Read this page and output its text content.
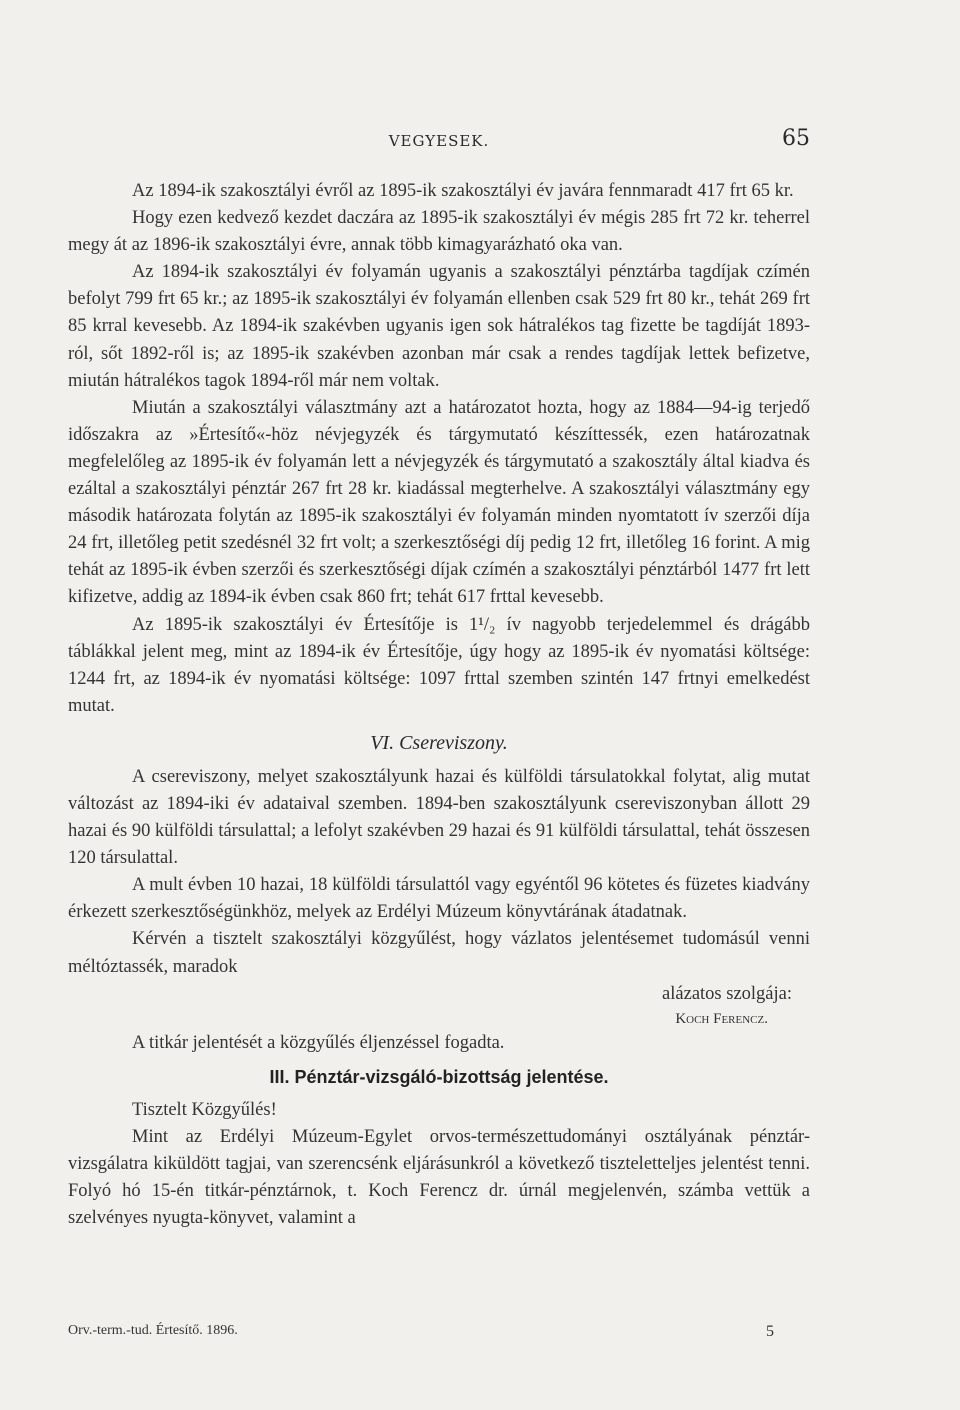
VEGYESEK.	65

Az 1894-ik szakosztályi évről az 1895-ik szakosztályi év javára fennmaradt 417 frt 65 kr.

Hogy ezen kedvező kezdet daczára az 1895-ik szakosztályi év mégis 285 frt 72 kr. teherrel megy át az 1896-ik szakosztályi évre, annak több kimagyarázható oka van.

Az 1894-ik szakosztályi év folyamán ugyanis a szakosztályi pénztárba tagdíjak czímén befolyt 799 frt 65 kr.; az 1895-ik szakosztályi év folyamán ellenben csak 529 frt 80 kr., tehát 269 frt 85 krral kevesebb. Az 1894-ik szakévben ugyanis igen sok hátralékos tag fizette be tagdíját 1893-ról, sőt 1892-ről is; az 1895-ik szakévben azonban már csak a rendes tagdíjak lettek befizetve, miután hátralékos tagok 1894-ről már nem voltak.

Miután a szakosztályi választmány azt a határozatot hozta, hogy az 1884—94-ig terjedő időszakra az »Értesítő«-höz névjegyzék és tárgymutató készíttessék, ezen határozatnak megfelelőleg az 1895-ik év folyamán lett a névjegyzék és tárgymutató a szakosztály által kiadva és ezáltal a szakosztályi pénztár 267 frt 28 kr. kiadással megterhelve. A szakosztályi választmány egy második határozata folytán az 1895-ik szakosztályi év folyamán minden nyomtatott ív szerzői díja 24 frt, illetőleg petit szedésnél 32 frt volt; a szerkesztőségi díj pedig 12 frt, illetőleg 16 forint. A mig tehát az 1895-ik évben szerzői és szerkesztőségi díjak czímén a szakosztályi pénztárból 1477 frt lett kifizetve, addig az 1894-ik évben csak 860 frt; tehát 617 frttal kevesebb.

Az 1895-ik szakosztályi év Értesítője is 1¹/₂ ív nagyobb terjedelemmel és drágább táblákkal jelent meg, mint az 1894-ik év Értesítője, úgy hogy az 1895-ik év nyomatási költsége: 1244 frt, az 1894-ik év nyomatási költsége: 1097 frttal szemben szintén 147 frtnyi emelkedést mutat.

VI. Csereviszony.

A csereviszony, melyet szakosztályunk hazai és külföldi társulatokkal folytat, alig mutat változást az 1894-iki év adataival szemben. 1894-ben szakosztályunk csereviszonyban állott 29 hazai és 90 külföldi társulattal; a lefolyt szakévben 29 hazai és 91 külföldi társulattal, tehát összesen 120 társulattal.

A mult évben 10 hazai, 18 külföldi társulattól vagy egyéntől 96 kötetes és füzetes kiadvány érkezett szerkesztőségünkhöz, melyek az Erdélyi Múzeum könyvtárának átadatnak.

Kérvén a tisztelt szakosztályi közgyűlést, hogy vázlatos jelentésemet tudomásúl venni méltóztassék, maradok

alázatos szolgája:
Koch Ferencz.

A titkár jelentését a közgyűlés éljenzéssel fogadta.

III. Pénztár-vizsgáló-bizottság jelentése.

Tisztelt Közgyűlés!

Mint az Erdélyi Múzeum-Egylet orvos-természettudományi osztályának pénztár-vizsgálatra kiküldött tagjai, van szerencsénk eljárásunkról a következő tiszteletteljes jelentést tenni. Folyó hó 15-én titkár-pénztárnok, t. Koch Ferencz dr. úrnál megjelenvén, számba vettük a szelvényes nyugta-könyvet, valamint a

Orv.-term.-tud. Értesítő. 1896.	5
